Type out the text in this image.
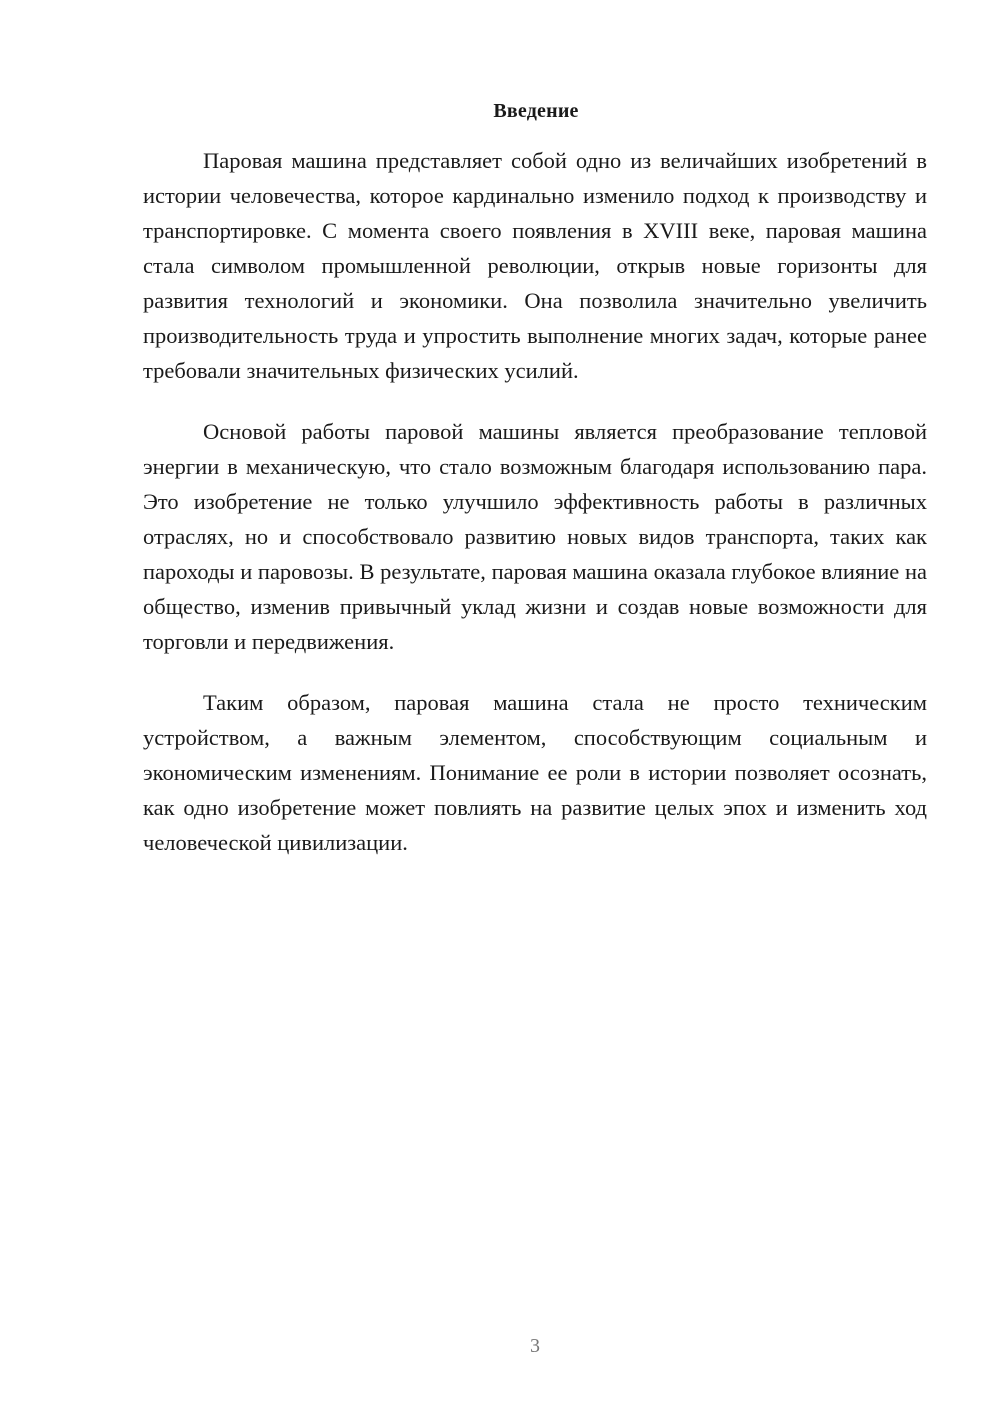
Введение

Паровая машина представляет собой одно из величайших изобретений в истории человечества, которое кардинально изменило подход к производству и транспортировке. С момента своего появления в XVIII веке, паровая машина стала символом промышленной революции, открыв новые горизонты для развития технологий и экономики. Она позволила значительно увеличить производительность труда и упростить выполнение многих задач, которые ранее требовали значительных физических усилий.

Основой работы паровой машины является преобразование тепловой энергии в механическую, что стало возможным благодаря использованию пара. Это изобретение не только улучшило эффективность работы в различных отраслях, но и способствовало развитию новых видов транспорта, таких как пароходы и паровозы. В результате, паровая машина оказала глубокое влияние на общество, изменив привычный уклад жизни и создав новые возможности для торговли и передвижения.

Таким образом, паровая машина стала не просто техническим устройством, а важным элементом, способствующим социальным и экономическим изменениям. Понимание ее роли в истории позволяет осознать, как одно изобретение может повлиять на развитие целых эпох и изменить ход человеческой цивилизации.

3
